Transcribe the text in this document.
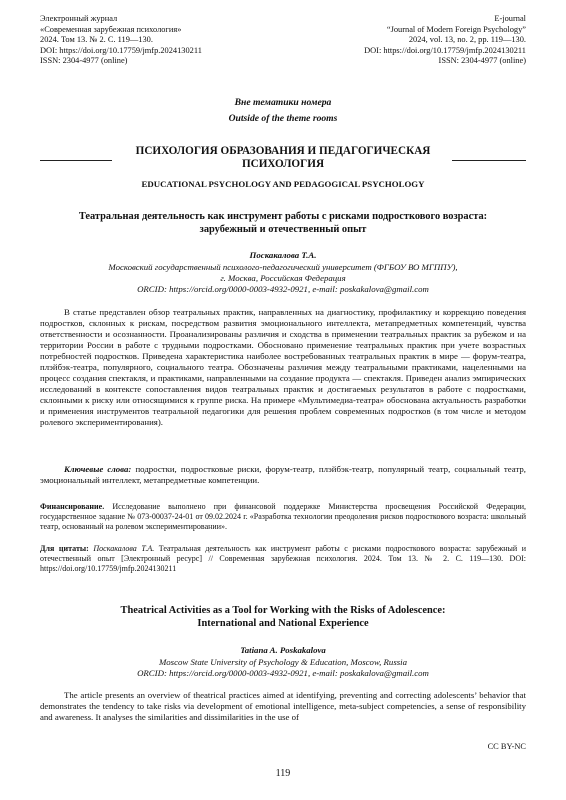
Электронный журнал
«Современная зарубежная психология»
2024. Том 13. № 2. С. 119—130.
DOI: https://doi.org/10.17759/jmfp.2024130211
ISSN: 2304-4977 (online)
E-journal
“Journal of Modern Foreign Psychology”
2024, vol. 13, no. 2, pp. 119—130.
DOI: https://doi.org/10.17759/jmfp.2024130211
ISSN: 2304-4977 (online)
Вне тематики номера
Outside of the theme rooms
ПСИХОЛОГИЯ ОБРАЗОВАНИЯ И ПЕДАГОГИЧЕСКАЯ
ПСИХОЛОГИЯ
EDUCATIONAL PSYCHOLOGY AND PEDAGOGICAL PSYCHOLOGY
Театральная деятельность как инструмент работы с рисками подросткового возраста:
зарубежный и отечественный опыт
Поскакалова Т.А.
Московский государственный психолого-педагогический университет (ФГБОУ ВО МГППУ),
г. Москва, Российская Федерация
ORCID: https://orcid.org/0000-0003-4932-0921, e-mail: poskakalova@gmail.com

В статье представлен обзор театральных практик, направленных на диагностику, профилактику и коррекцию поведения подростков, склонных к рискам, посредством развития эмоционального интеллекта, метапредметных компетенций, чувства ответственности и осознанности. Проанализированы различия и сходства в применении театральных практик за рубежом и на территории России в работе с трудными подростками. Обосновано применение театральных практик при учете возрастных потребностей подростков. Приведена характеристика наиболее востребованных театральных практик в мире — форум-театра, плэйбэк-театра, популярного, социального театра. Обозначены различия между театральными практиками, нацеленными на процесс создания спектакля, и практиками, направленными на создание продукта — спектакля. Приведен анализ эмпирических исследований в контексте сопоставления видов театральных практик и достигаемых результатов в работе с подростками, склонными к риску или относящимися к группе риска. На примере «Мультимедиа-театра» обоснована актуальность разработки и применения инструментов театральной педагогики для решения проблем современных подростков (в том числе и методом ролевого экспериментирования).

Ключевые слова: подростки, подростковые риски, форум-театр, плэйбэк-театр, популярный театр, социальный театр, эмоциональный интеллект, метапредметные компетенции.

Финансирование. Исследование выполнено при финансовой поддержке Министерства просвещения Российской Федерации, государственное задание № 073-00037-24-01 от 09.02.2024 г. «Разработка технологии преодоления рисков подросткового возраста: школьный театр, основанный на ролевом экспериментировании».

Для цитаты: Поскакалова Т.А. Театральная деятельность как инструмент работы с рисками подросткового возраста: зарубежный и отечественный опыт [Электронный ресурс] // Современная зарубежная психология. 2024. Том 13. № 2. С. 119—130. DOI: https://doi.org/10.17759/jmfp.2024130211

Theatrical Activities as a Tool for Working with the Risks of Adolescence:
International and National Experience
Tatiana A. Poskakalova
Moscow State University of Psychology & Education, Moscow, Russia
ORCID: https://orcid.org/0000-0003-4932-0921, e-mail: poskakalova@gmail.com

The article presents an overview of theatrical practices aimed at identifying, preventing and correcting adolescents’ behavior that demonstrates the tendency to take risks via development of emotional intelligence, meta-subject competencies, a sense of responsibility and awareness. It analyses the similarities and dissimilarities in the use of

CC BY-NC
119
